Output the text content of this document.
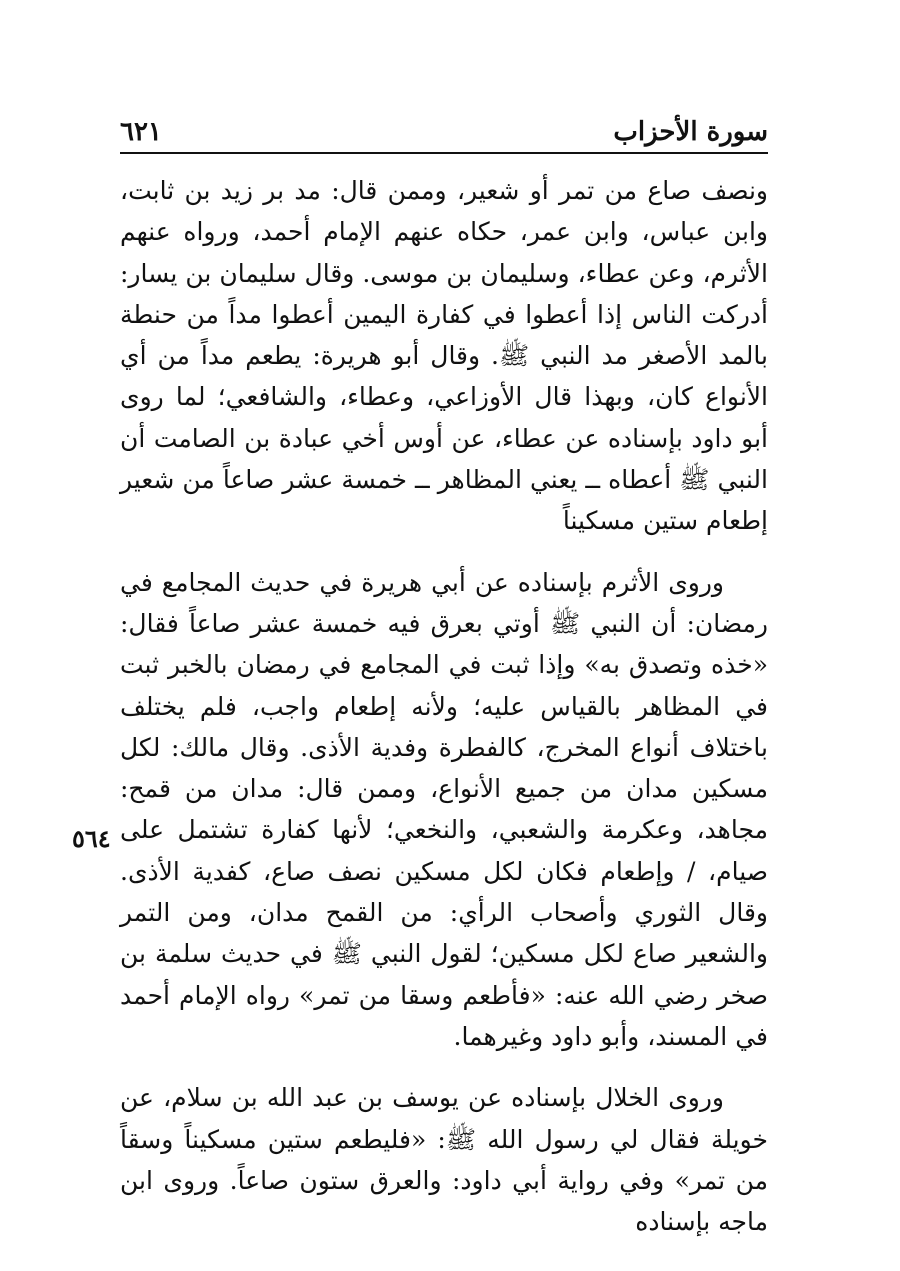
سورة الأحزاب
٦٢١
٥٦٤

ونصف صاع من تمر أو شعير، وممن قال: مد بر زيد بن ثابت، وابن عباس، وابن عمر، حكاه عنهم الإمام أحمد، ورواه عنهم الأثرم، وعن عطاء، وسليمان بن موسى. وقال سليمان بن يسار: أدركت الناس إذا أعطوا في كفارة اليمين أعطوا مداً من حنطة بالمد الأصغر مد النبي ﷺ. وقال أبو هريرة: يطعم مداً من أي الأنواع كان، وبهذا قال الأوزاعي، وعطاء، والشافعي؛ لما روى أبو داود بإسناده عن عطاء، عن أوس أخي عبادة بن الصامت أن النبي ﷺ أعطاه ــ يعني المظاهر ــ خمسة عشر صاعاً من شعير إطعام ستين مسكيناً

وروى الأثرم بإسناده عن أبي هريرة في حديث المجامع في رمضان: أن النبي ﷺ أوتي بعرق فيه خمسة عشر صاعاً فقال: «خذه وتصدق به» وإذا ثبت في المجامع في رمضان بالخبر ثبت في المظاهر بالقياس عليه؛ ولأنه إطعام واجب، فلم يختلف باختلاف أنواع المخرج، كالفطرة وفدية الأذى. وقال مالك: لكل مسكين مدان من جميع الأنواع، وممن قال: مدان من قمح: مجاهد، وعكرمة والشعبي، والنخعي؛ لأنها كفارة تشتمل على صيام، / وإطعام فكان لكل مسكين نصف صاع، كفدية الأذى. وقال الثوري وأصحاب الرأي: من القمح مدان، ومن التمر والشعير صاع لكل مسكين؛ لقول النبي ﷺ في حديث سلمة بن صخر رضي الله عنه: «فأطعم وسقا من تمر» رواه الإمام أحمد في المسند، وأبو داود وغيرهما.

وروى الخلال بإسناده عن يوسف بن عبد الله بن سلام، عن خويلة فقال لي رسول الله ﷺ: «فليطعم ستين مسكيناً وسقاً من تمر» وفي رواية أبي داود: والعرق ستون صاعاً. وروى ابن ماجه بإسناده
